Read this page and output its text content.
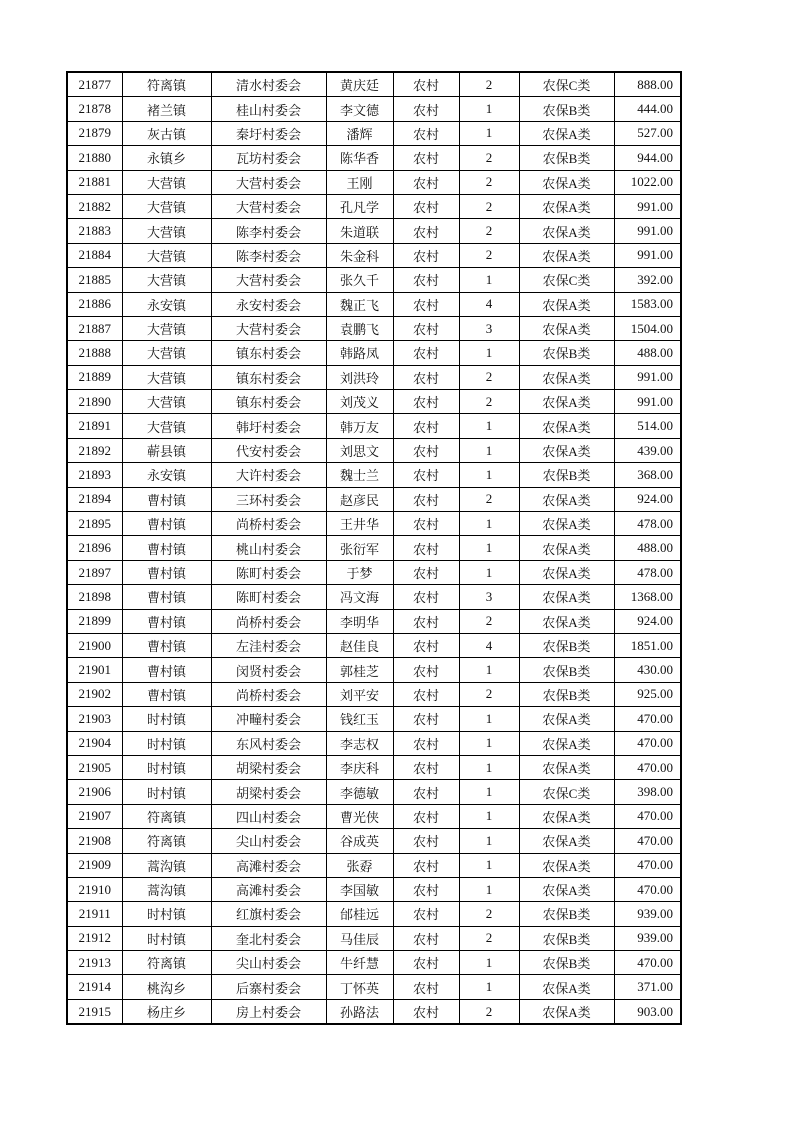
21877	符离镇	清水村委会	黄庆廷	农村	2	农保C类	888.00
21878	褚兰镇	桂山村委会	李文德	农村	1	农保B类	444.00
21879	灰古镇	秦圩村委会	潘辉	农村	1	农保A类	527.00
21880	永镇乡	瓦坊村委会	陈华香	农村	2	农保B类	944.00
21881	大营镇	大营村委会	王刚	农村	2	农保A类	1022.00
21882	大营镇	大营村委会	孔凡学	农村	2	农保A类	991.00
21883	大营镇	陈李村委会	朱道联	农村	2	农保A类	991.00
21884	大营镇	陈李村委会	朱金科	农村	2	农保A类	991.00
21885	大营镇	大营村委会	张久千	农村	1	农保C类	392.00
21886	永安镇	永安村委会	魏正飞	农村	4	农保A类	1583.00
21887	大营镇	大营村委会	袁鹏飞	农村	3	农保A类	1504.00
21888	大营镇	镇东村委会	韩路凤	农村	1	农保B类	488.00
21889	大营镇	镇东村委会	刘洪玲	农村	2	农保A类	991.00
21890	大营镇	镇东村委会	刘茂义	农村	2	农保A类	991.00
21891	大营镇	韩圩村委会	韩万友	农村	1	农保A类	514.00
21892	蕲县镇	代安村委会	刘思文	农村	1	农保A类	439.00
21893	永安镇	大许村委会	魏士兰	农村	1	农保B类	368.00
21894	曹村镇	三环村委会	赵彦民	农村	2	农保A类	924.00
21895	曹村镇	尚桥村委会	王井华	农村	1	农保A类	478.00
21896	曹村镇	桃山村委会	张衍军	农村	1	农保A类	488.00
21897	曹村镇	陈町村委会	于梦	农村	1	农保A类	478.00
21898	曹村镇	陈町村委会	冯文海	农村	3	农保A类	1368.00
21899	曹村镇	尚桥村委会	李明华	农村	2	农保A类	924.00
21900	曹村镇	左洼村委会	赵佳良	农村	4	农保B类	1851.00
21901	曹村镇	闵贤村委会	郭桂芝	农村	1	农保B类	430.00
21902	曹村镇	尚桥村委会	刘平安	农村	2	农保B类	925.00
21903	时村镇	冲疃村委会	钱红玉	农村	1	农保A类	470.00
21904	时村镇	东风村委会	李志权	农村	1	农保A类	470.00
21905	时村镇	胡梁村委会	李庆科	农村	1	农保A类	470.00
21906	时村镇	胡梁村委会	李德敏	农村	1	农保C类	398.00
21907	符离镇	四山村委会	曹光侠	农村	1	农保A类	470.00
21908	符离镇	尖山村委会	谷成英	农村	1	农保A类	470.00
21909	蒿沟镇	高滩村委会	张孬	农村	1	农保A类	470.00
21910	蒿沟镇	高滩村委会	李国敏	农村	1	农保A类	470.00
21911	时村镇	红旗村委会	邰桂远	农村	2	农保B类	939.00
21912	时村镇	奎北村委会	马佳辰	农村	2	农保B类	939.00
21913	符离镇	尖山村委会	牛纤慧	农村	1	农保B类	470.00
21914	桃沟乡	后寨村委会	丁怀英	农村	1	农保A类	371.00
21915	杨庄乡	房上村委会	孙路法	农村	2	农保A类	903.00
